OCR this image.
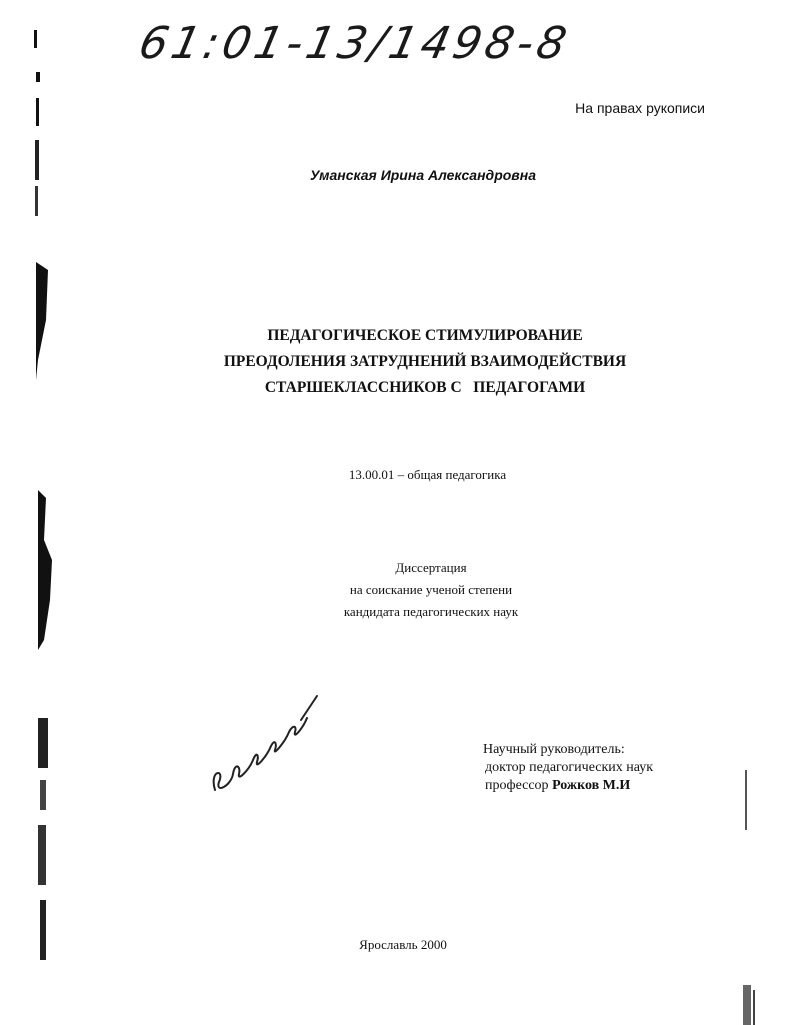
61:01-13/1498-8
На правах рукописи
Уманская Ирина Александровна
ПЕДАГОГИЧЕСКОЕ СТИМУЛИРОВАНИЕ
ПРЕОДОЛЕНИЯ ЗАТРУДНЕНИЙ ВЗАИМОДЕЙСТВИЯ
СТАРШЕКЛАССНИКОВ С   ПЕДАГОГАМИ
13.00.01 – общая педагогика
Диссертация
на соискание ученой степени
кандидата педагогических наук
Научный руководитель:
доктор педагогических наук
профессор Рожков М.И
Ярославль 2000
